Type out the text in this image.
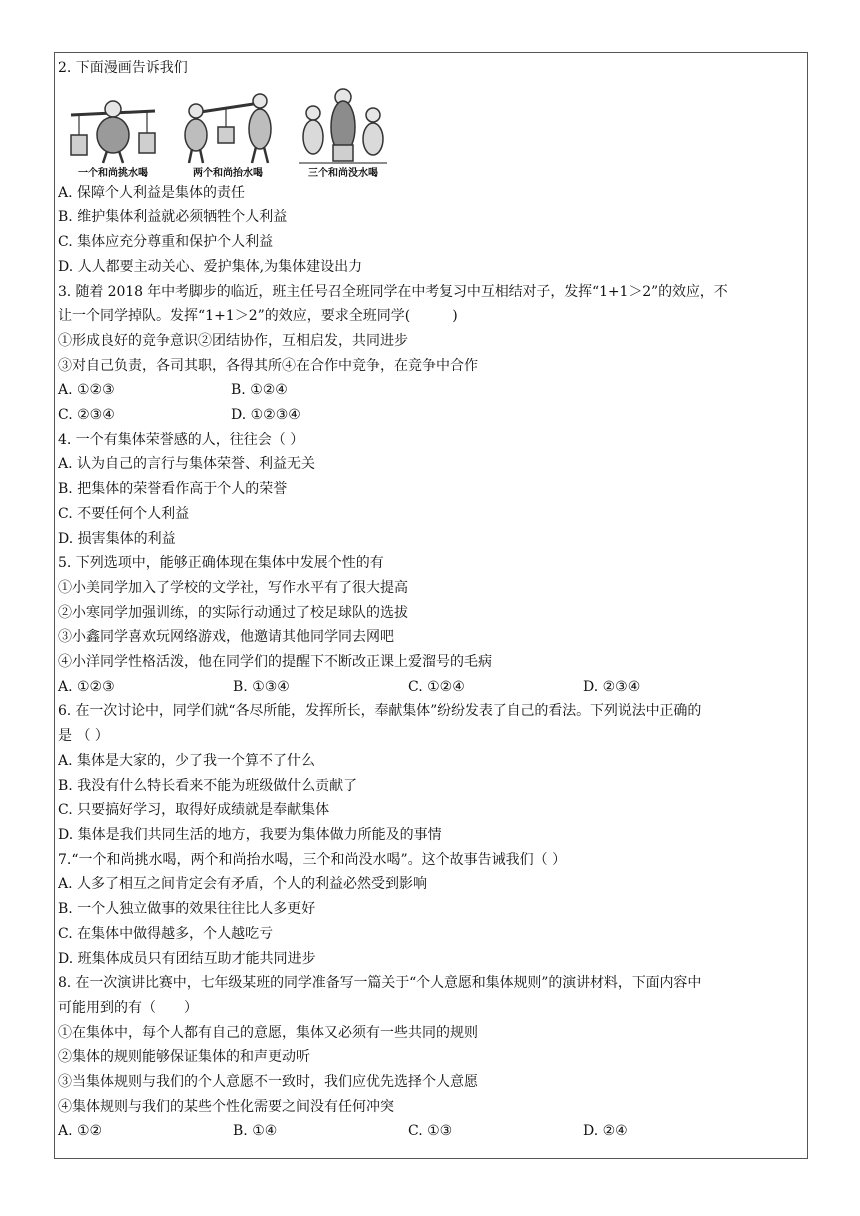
2. 下面漫画告诉我们
一个和尚挑水喝	两个和尚抬水喝	三个和尚没水喝
A. 保障个人利益是集体的责任
B. 维护集体利益就必须牺牲个人利益
C. 集体应充分尊重和保护个人利益
D. 人人都要主动关心、爱护集体,为集体建设出力
3. 随着 2018 年中考脚步的临近，班主任号召全班同学在中考复习中互相结对子，发挥“1+1＞2”的效应，不
让一个同学掉队。发挥“1+1＞2”的效应，要求全班同学(　　　)
①形成良好的竞争意识②团结协作，互相启发，共同进步
③对自己负责，各司其职，各得其所④在合作中竞争，在竞争中合作
A. ①②③	B. ①②④
C. ②③④	D. ①②③④
4. 一个有集体荣誉感的人，往往会（ ）
A. 认为自己的言行与集体荣誉、利益无关
B. 把集体的荣誉看作高于个人的荣誉
C. 不要任何个人利益
D. 损害集体的利益
5. 下列选项中，能够正确体现在集体中发展个性的有
①小美同学加入了学校的文学社，写作水平有了很大提高
②小寒同学加强训练，的实际行动通过了校足球队的选拔
③小鑫同学喜欢玩网络游戏，他邀请其他同学同去网吧
④小洋同学性格活泼，他在同学们的提醒下不断改正课上爱溜号的毛病
A. ①②③	B. ①③④	C. ①②④	D. ②③④
6. 在一次讨论中，同学们就“各尽所能，发挥所长，奉献集体”纷纷发表了自己的看法。下列说法中正确的
是 （ ）
A. 集体是大家的，少了我一个算不了什么
B. 我没有什么特长看来不能为班级做什么贡献了
C. 只要搞好学习，取得好成绩就是奉献集体
D. 集体是我们共同生活的地方，我要为集体做力所能及的事情
7.“一个和尚挑水喝，两个和尚抬水喝，三个和尚没水喝”。这个故事告诫我们（ ）
A. 人多了相互之间肯定会有矛盾，个人的利益必然受到影响
B. 一个人独立做事的效果往往比人多更好
C. 在集体中做得越多，个人越吃亏
D. 班集体成员只有团结互助才能共同进步
8. 在一次演讲比赛中，七年级某班的同学准备写一篇关于“个人意愿和集体规则”的演讲材料，下面内容中
可能用到的有（　　）
①在集体中，每个人都有自己的意愿，集体又必须有一些共同的规则
②集体的规则能够保证集体的和声更动听
③当集体规则与我们的个人意愿不一致时，我们应优先选择个人意愿
④集体规则与我们的某些个性化需要之间没有任何冲突
A. ①②	B. ①④	C. ①③	D. ②④
